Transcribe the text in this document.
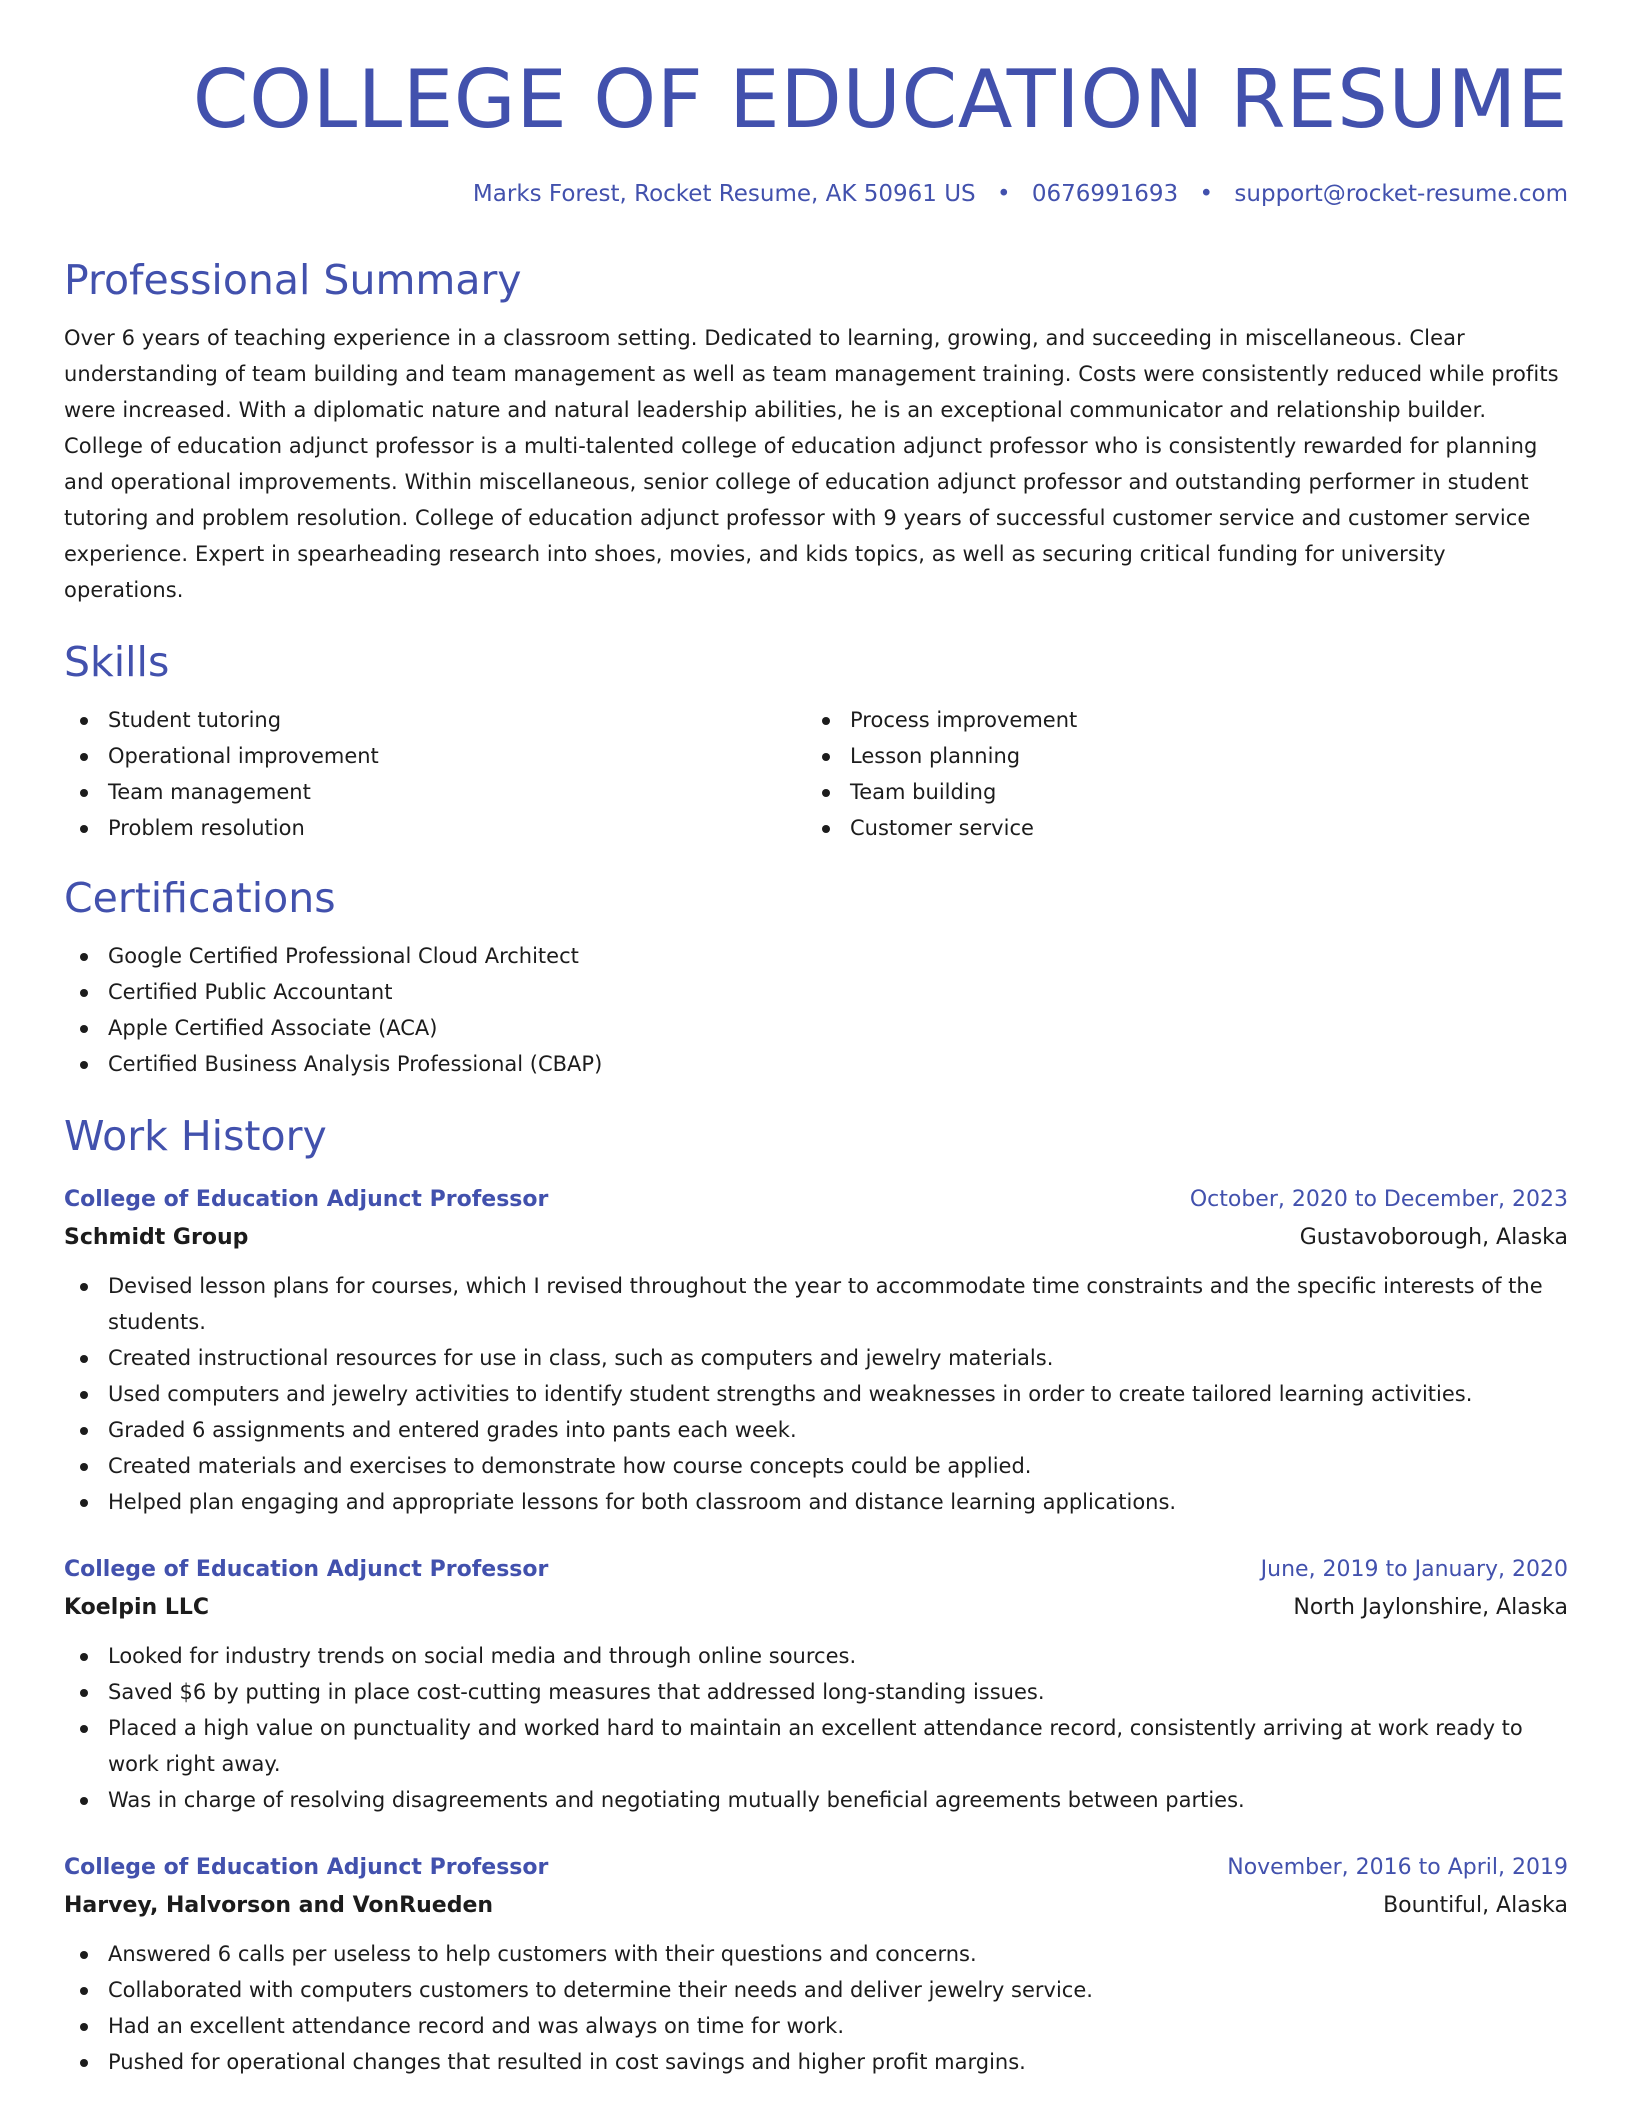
COLLEGE OF EDUCATION RESUME
Marks Forest, Rocket Resume, AK 50961 US • 0676991693 • support@rocket-resume.com
Professional Summary

Over 6 years of teaching experience in a classroom setting. Dedicated to learning, growing, and succeeding in miscellaneous. Clear understanding of team building and team management as well as team management training. Costs were consistently reduced while profits were increased. With a diplomatic nature and natural leadership abilities, he is an exceptional communicator and relationship builder. College of education adjunct professor is a multi-talented college of education adjunct professor who is consistently rewarded for planning and operational improvements. Within miscellaneous, senior college of education adjunct professor and outstanding performer in student tutoring and problem resolution. College of education adjunct professor with 9 years of successful customer service and customer service experience. Expert in spearheading research into shoes, movies, and kids topics, as well as securing critical funding for university operations.

Skills
Student tutoring
Operational improvement
Team management
Problem resolution
Process improvement
Lesson planning
Team building
Customer service
Certifications
Google Certified Professional Cloud Architect
Certified Public Accountant
Apple Certified Associate (ACA)
Certified Business Analysis Professional (CBAP)
Work History
College of Education Adjunct Professor	October, 2020 to December, 2023
Schmidt Group	Gustavoborough, Alaska
Devised lesson plans for courses, which I revised throughout the year to accommodate time constraints and the specific interests of the students.
Created instructional resources for use in class, such as computers and jewelry materials.
Used computers and jewelry activities to identify student strengths and weaknesses in order to create tailored learning activities.
Graded 6 assignments and entered grades into pants each week.
Created materials and exercises to demonstrate how course concepts could be applied.
Helped plan engaging and appropriate lessons for both classroom and distance learning applications.
College of Education Adjunct Professor	June, 2019 to January, 2020
Koelpin LLC	North Jaylonshire, Alaska
Looked for industry trends on social media and through online sources.
Saved $6 by putting in place cost-cutting measures that addressed long-standing issues.
Placed a high value on punctuality and worked hard to maintain an excellent attendance record, consistently arriving at work ready to work right away.
Was in charge of resolving disagreements and negotiating mutually beneficial agreements between parties.
College of Education Adjunct Professor	November, 2016 to April, 2019
Harvey, Halvorson and VonRueden	Bountiful, Alaska
Answered 6 calls per useless to help customers with their questions and concerns.
Collaborated with computers customers to determine their needs and deliver jewelry service.
Had an excellent attendance record and was always on time for work.
Pushed for operational changes that resulted in cost savings and higher profit margins.
